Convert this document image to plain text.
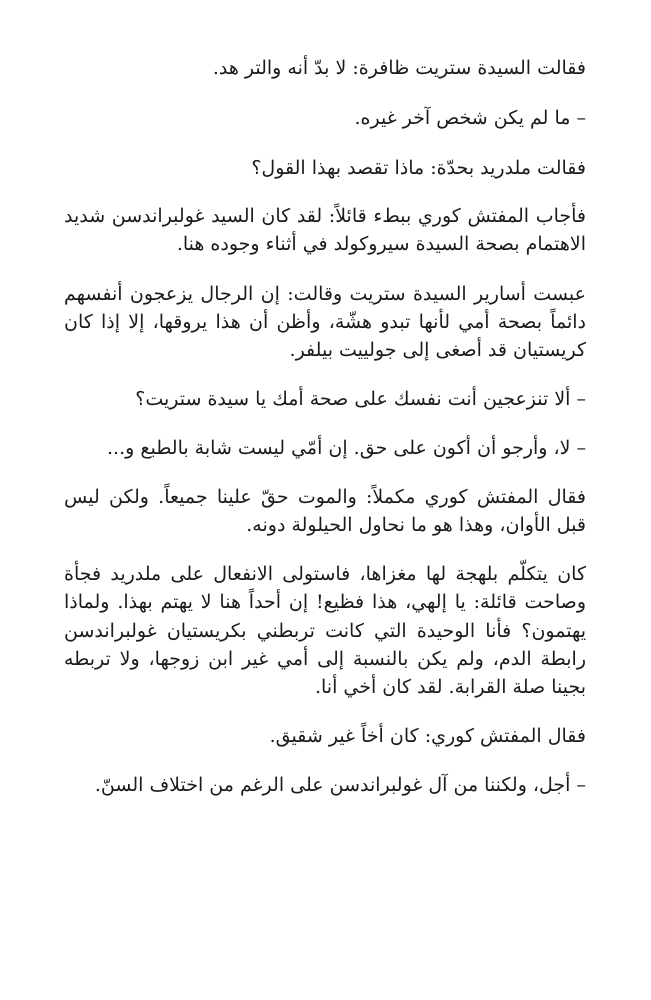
فقالت السيدة ستريت ظافرة: لا بدّ أنه والتر هد.

– ما لم يكن شخص آخر غيره.

فقالت ملدريد بحدّة: ماذا تقصد بهذا القول؟

فأجاب المفتش كوري ببطء قائلاً: لقد كان السيد غولبراندسن شديد الاهتمام بصحة السيدة سيروكولد في أثناء وجوده هنا.

عبست أسارير السيدة ستريت وقالت: إن الرجال يزعجون أنفسهم دائماً بصحة أمي لأنها تبدو هشّة، وأظن أن هذا يروقها، إلا إذا كان كريستيان قد أصغى إلى جولييت بيلفر.

– ألا تنزعجين أنت نفسك على صحة أمك يا سيدة ستريت؟

– لا، وأرجو أن أكون على حق. إن أمّي ليست شابة بالطبع و...

فقال المفتش كوري مكملاً: والموت حقّ علينا جميعاً. ولكن ليس قبل الأوان، وهذا هو ما نحاول الحيلولة دونه.

كان يتكلّم بلهجة لها مغزاها، فاستولى الانفعال على ملدريد فجأة وصاحت قائلة: يا إلهي، هذا فظيع! إن أحداً هنا لا يهتم بهذا. ولماذا يهتمون؟ فأنا الوحيدة التي كانت تربطني بكريستيان غولبراندسن رابطة الدم، ولم يكن بالنسبة إلى أمي غير ابن زوجها، ولا تربطه بجينا صلة القرابة. لقد كان أخي أنا.

فقال المفتش كوري: كان أخاً غير شقيق.

– أجل، ولكننا من آل غولبراندسن على الرغم من اختلاف السنّ.
